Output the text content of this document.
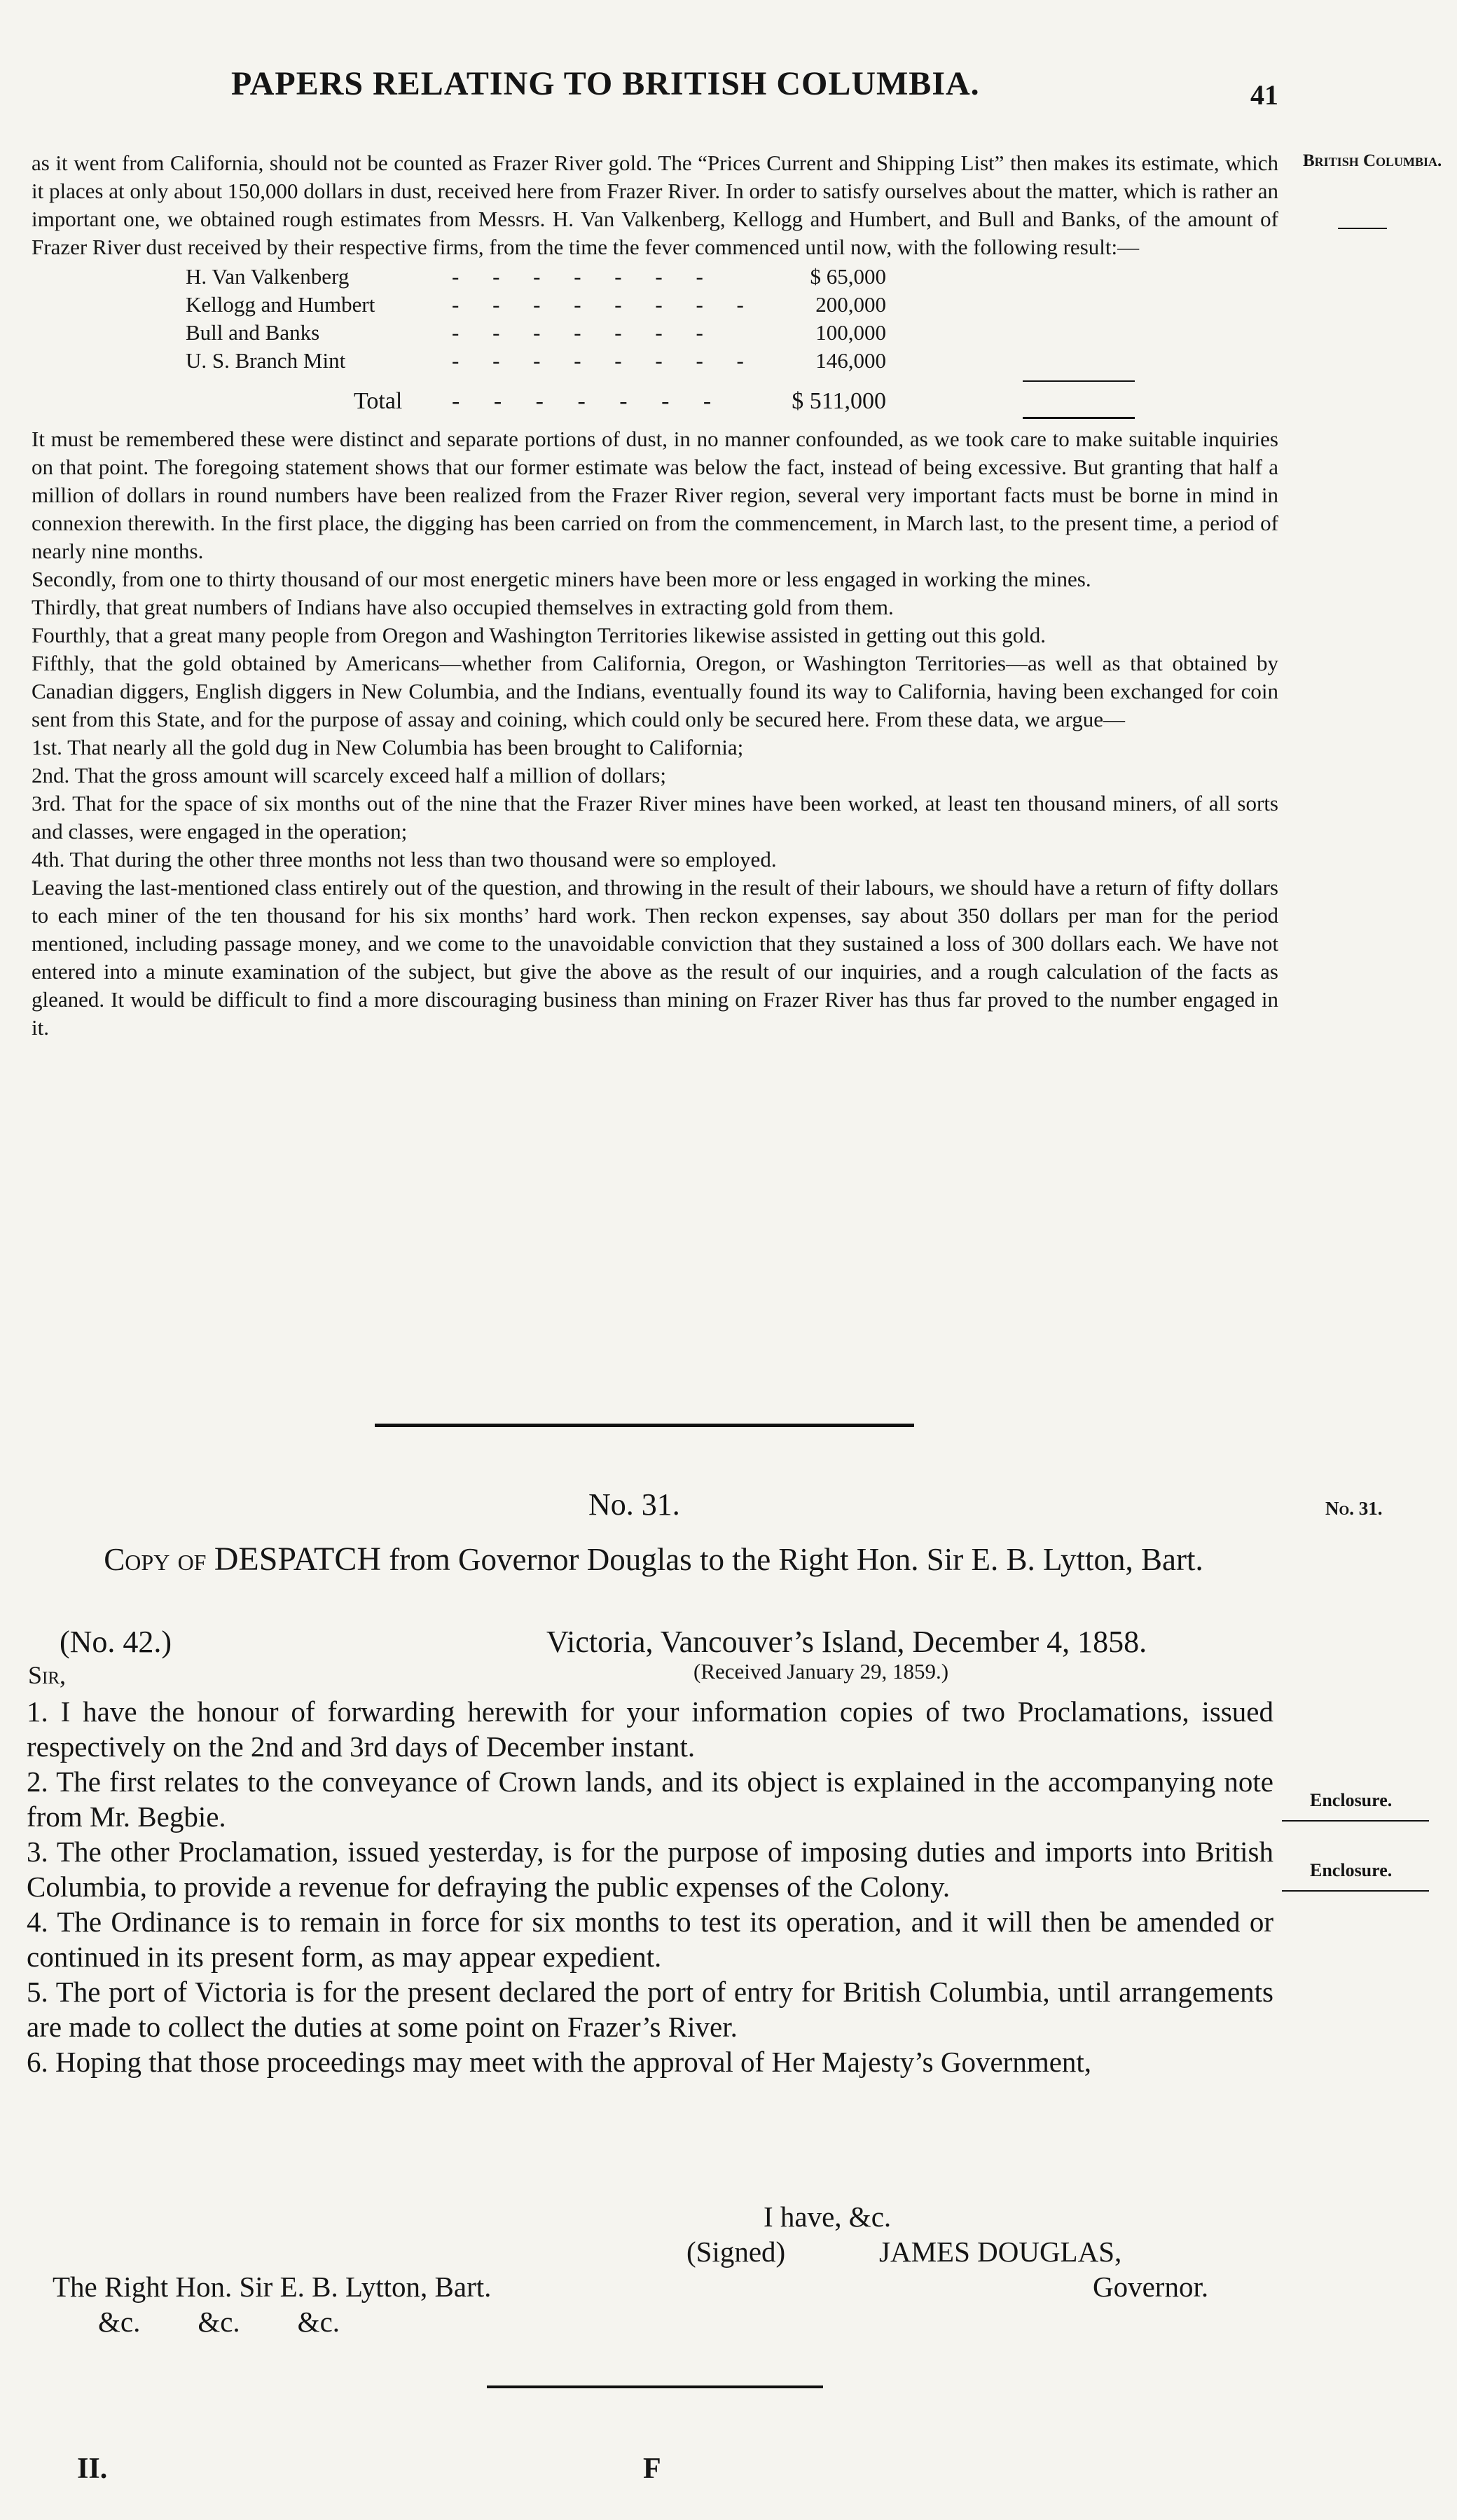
PAPERS RELATING TO BRITISH COLUMBIA.	41
British Columbia.

as it went from California, should not be counted as Frazer River gold. The “Prices Current and Shipping List” then makes its estimate, which it places at only about 150,000 dollars in dust, received here from Frazer River. In order to satisfy ourselves about the matter, which is rather an important one, we obtained rough estimates from Messrs. H. Van Valkenberg, Kellogg and Humbert, and Bull and Banks, of the amount of Frazer River dust received by their respective firms, from the time the fever commenced until now, with the following result:—

H. Van Valkenberg	- - - - - - -	$ 65,000
Kellogg and Humbert	- - - - - - - -	200,000
Bull and Banks	- - - - - - -	100,000
U. S. Branch Mint	- - - - - - - -	146,000
Total	- - - - - - -	$ 511,000

It must be remembered these were distinct and separate portions of dust, in no manner confounded, as we took care to make suitable inquiries on that point. The foregoing statement shows that our former estimate was below the fact, instead of being excessive. But granting that half a million of dollars in round numbers have been realized from the Frazer River region, several very important facts must be borne in mind in connexion therewith. In the first place, the digging has been carried on from the commencement, in March last, to the present time, a period of nearly nine months.

Secondly, from one to thirty thousand of our most energetic miners have been more or less engaged in working the mines.

Thirdly, that great numbers of Indians have also occupied themselves in extracting gold from them.

Fourthly, that a great many people from Oregon and Washington Territories likewise assisted in getting out this gold.

Fifthly, that the gold obtained by Americans—whether from California, Oregon, or Washington Territories—as well as that obtained by Canadian diggers, English diggers in New Columbia, and the Indians, eventually found its way to California, having been exchanged for coin sent from this State, and for the purpose of assay and coining, which could only be secured here. From these data, we argue—

1st. That nearly all the gold dug in New Columbia has been brought to California;

2nd. That the gross amount will scarcely exceed half a million of dollars;

3rd. That for the space of six months out of the nine that the Frazer River mines have been worked, at least ten thousand miners, of all sorts and classes, were engaged in the operation;

4th. That during the other three months not less than two thousand were so employed.

Leaving the last-mentioned class entirely out of the question, and throwing in the result of their labours, we should have a return of fifty dollars to each miner of the ten thousand for his six months’ hard work. Then reckon expenses, say about 350 dollars per man for the period mentioned, including passage money, and we come to the unavoidable conviction that they sustained a loss of 300 dollars each. We have not entered into a minute examination of the subject, but give the above as the result of our inquiries, and a rough calculation of the facts as gleaned. It would be difficult to find a more discouraging business than mining on Frazer River has thus far proved to the number engaged in it.

No. 31.	No. 31.
Copy of DESPATCH from Governor Douglas to the Right Hon. Sir E. B. Lytton, Bart.
(No. 42.)	Victoria, Vancouver’s Island, December 4, 1858.
(Received January 29, 1859.)
Sir,

1. I have the honour of forwarding herewith for your information copies of two Proclamations, issued respectively on the 2nd and 3rd days of December instant.

2. The first relates to the conveyance of Crown lands, and its object is explained in the accompanying note from Mr. Begbie.

3. The other Proclamation, issued yesterday, is for the purpose of imposing duties and imports into British Columbia, to provide a revenue for defraying the public expenses of the Colony.

4. The Ordinance is to remain in force for six months to test its operation, and it will then be amended or continued in its present form, as may appear expedient.

5. The port of Victoria is for the present declared the port of entry for British Columbia, until arrangements are made to collect the duties at some point on Frazer’s River.

6. Hoping that those proceedings may meet with the approval of Her Majesty’s Government,

Enclosure.
Enclosure.
I have, &c.
(Signed)	JAMES DOUGLAS,
Governor.
The Right Hon. Sir E. B. Lytton, Bart.
&c.        &c.        &c.
II.	F
